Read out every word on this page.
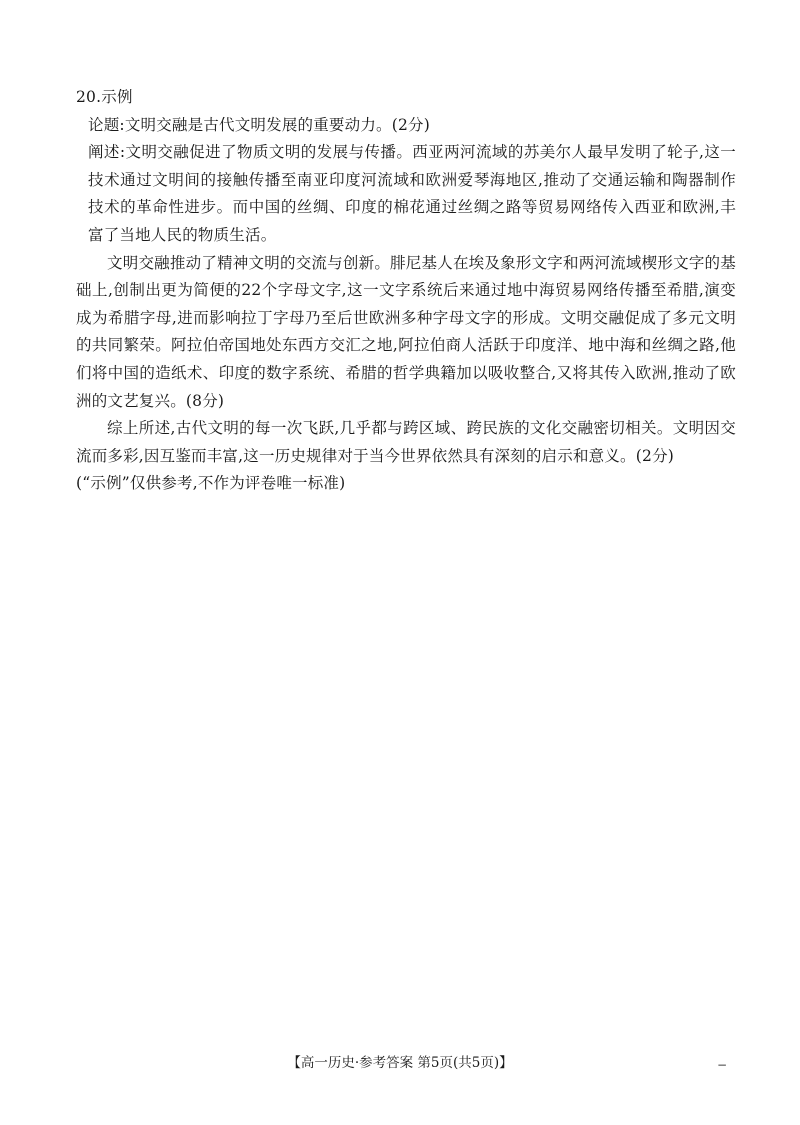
20.示例

论题:文明交融是古代文明发展的重要动力。(2分)

阐述:文明交融促进了物质文明的发展与传播。西亚两河流域的苏美尔人最早发明了轮子,这一技术通过文明间的接触传播至南亚印度河流域和欧洲爱琴海地区,推动了交通运输和陶器制作技术的革命性进步。而中国的丝绸、印度的棉花通过丝绸之路等贸易网络传入西亚和欧洲,丰富了当地人民的物质生活。

文明交融推动了精神文明的交流与创新。腓尼基人在埃及象形文字和两河流域楔形文字的基础上,创制出更为简便的22个字母文字,这一文字系统后来通过地中海贸易网络传播至希腊,演变成为希腊字母,进而影响拉丁字母乃至后世欧洲多种字母文字的形成。文明交融促成了多元文明的共同繁荣。阿拉伯帝国地处东西方交汇之地,阿拉伯商人活跃于印度洋、地中海和丝绸之路,他们将中国的造纸术、印度的数字系统、希腊的哲学典籍加以吸收整合,又将其传入欧洲,推动了欧洲的文艺复兴。(8分)

综上所述,古代文明的每一次飞跃,几乎都与跨区域、跨民族的文化交融密切相关。文明因交流而多彩,因互鉴而丰富,这一历史规律对于当今世界依然具有深刻的启示和意义。(2分)

(“示例”仅供参考,不作为评卷唯一标准)

【高一历史·参考答案 第5页(共5页)】	−
